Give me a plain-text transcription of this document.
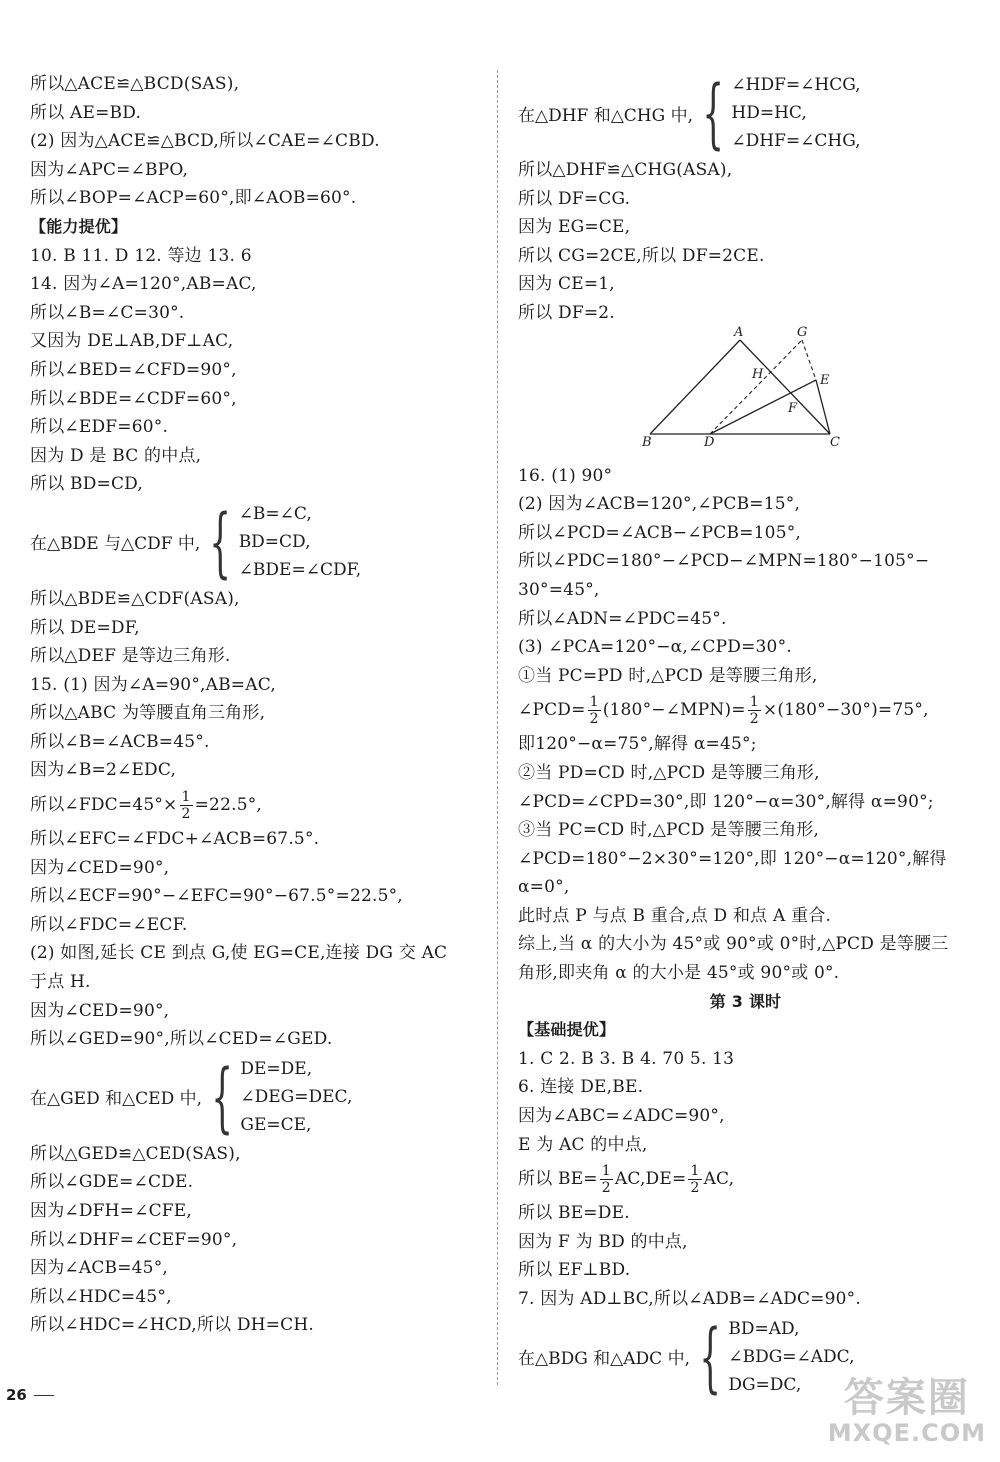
所以△ACE≌△BCD(SAS),
所以 AE=BD.
(2) 因为△ACE≌△BCD,所以∠CAE=∠CBD.
因为∠APC=∠BPO,
所以∠BOP=∠ACP=60°,即∠AOB=60°.
【能力提优】
10. B 11. D 12. 等边 13. 6
14. 因为∠A=120°,AB=AC,
所以∠B=∠C=30°.
又因为 DE⊥AB,DF⊥AC,
所以∠BED=∠CFD=90°,
所以∠BDE=∠CDF=60°,
所以∠EDF=60°.
因为 D 是 BC 的中点,
所以 BD=CD,
在△BDE 与△CDF 中, { ∠B=∠C,
BD=CD,
∠BDE=∠CDF,
所以△BDE≌△CDF(ASA),
所以 DE=DF,
所以△DEF 是等边三角形.
15. (1) 因为∠A=90°,AB=AC,
所以△ABC 为等腰直角三角形,
所以∠B=∠ACB=45°.
因为∠B=2∠EDC,
所以∠FDC=45°× $\frac{1}{2} =22.5^\circ$,
所以∠EFC=∠FDC+∠ACB=67.5°.
因为∠CED=90°,
所以∠ECF=90°−∠EFC=90°−67.5°=22.5°,
所以∠FDC=∠ECF.
(2) 如图,延长 CE 到点 G,使 EG=CE,连接 DG 交 AC
于点 H.
因为∠CED=90°,
所以∠GED=90°,所以∠CED=∠GED.
在△GED 和△CED 中, { DE=DE,
∠DEG=DEC,
GE=CE,
所以△GED≌△CED(SAS),
所以∠GDE=∠CDE.
因为∠DFH=∠CFE,
所以∠DHF=∠CEF=90°,
因为∠ACB=45°,
所以∠HDC=45°,
所以∠HDC=∠HCD,所以 DH=CH.
在△DHF 和△CHG 中, { ∠HDF=∠HCG,
HD=HC,
∠DHF=∠CHG,
所以△DHF≌△CHG(ASA),
所以 DF=CG.
因为 EG=CE,
所以 CG=2CE,所以 DF=2CE.
因为 CE=1,
所以 DF=2.
16. (1) 90°
(2) 因为∠ACB=120°,∠PCB=15°,
所以∠PCD=∠ACB−∠PCB=105°,
所以∠PDC=180°−∠PCD−∠MPN=180°−105°−
30°=45°,
所以∠ADN=∠PDC=45°.
(3) ∠PCA=120°−α,∠CPD=30°.
①当 PC=PD 时,△PCD 是等腰三角形,
∠PCD= $\frac{1}{2}$ (180°−∠MPN)= $\frac{1}{2} \times(180^\circ-30^\circ)=75^\circ$,
即120°−α=75°,解得 α=45°;
②当 PD=CD 时,△PCD 是等腰三角形,
∠PCD=∠CPD=30°,即 120°−α=30°,解得 α=90°;
③当 PC=CD 时,△PCD 是等腰三角形,
∠PCD=180°−2×30°=120°,即 120°−α=120°,解得
α=0°,
此时点 P 与点 B 重合,点 D 和点 A 重合.
综上,当 α 的大小为 45°或 90°或 0°时,△PCD 是等腰三
角形,即夹角 α 的大小是 45°或 90°或 0°.
第 3 课时
【基础提优】
1. C 2. B 3. B 4. 70 5. 13
6. 连接 DE,BE.
因为∠ABC=∠ADC=90°,
E 为 AC 的中点,
所以 $BE= \frac{1}{2} AC,DE= \frac{1}{2}$ AC,
所以 BE=DE.
因为 F 为 BD 的中点,
所以 EF⊥BD.
7. 因为 AD⊥BC,所以∠ADB=∠ADC=90°.
在△BDG 和△ADC 中, { BD=AD,
∠BDG=∠ADC,
DG=DC,
A
B	C
D
E
F
G
H
26	答案圈
MXQE.COM
